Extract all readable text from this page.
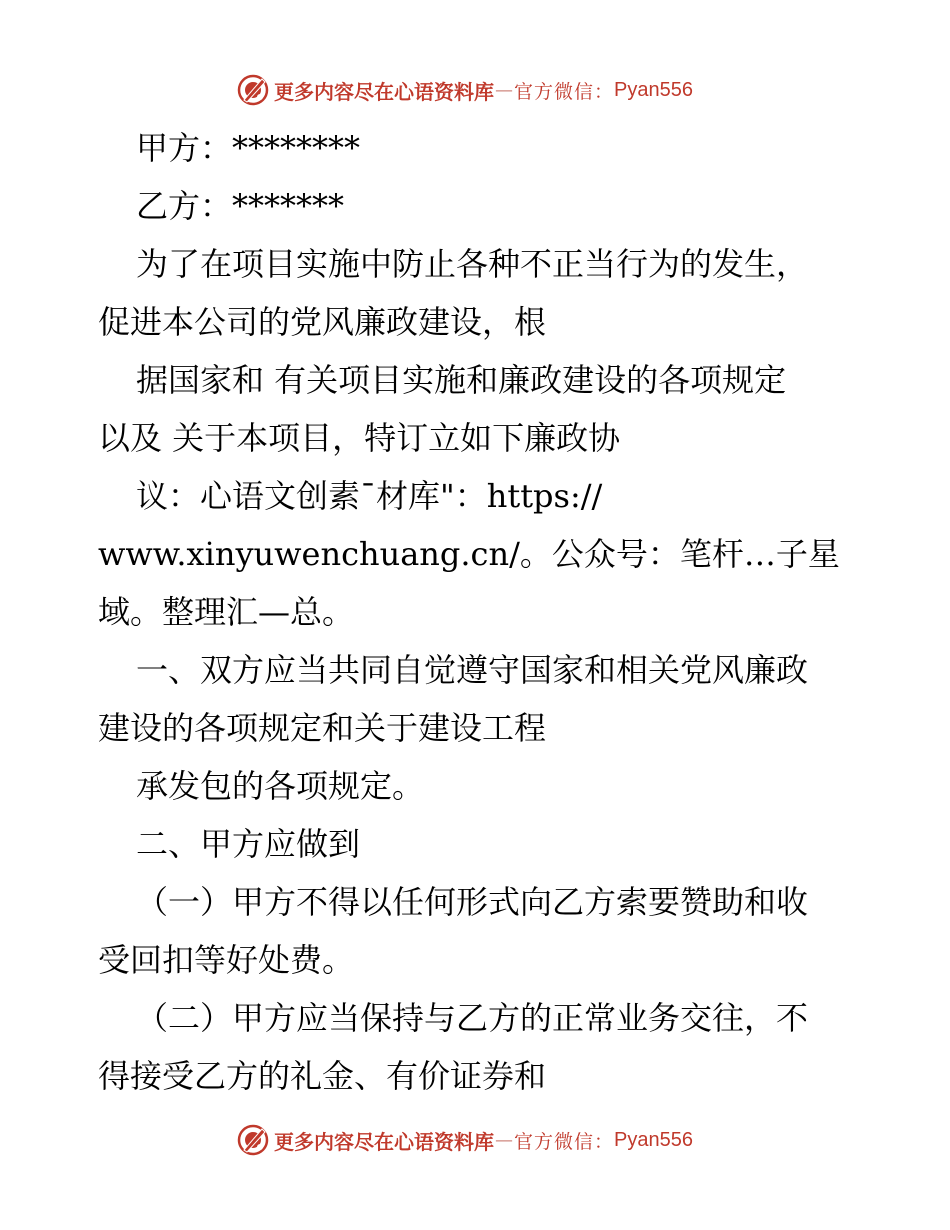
更多内容尽在心语资料库 — 官方微信： Pyan556
甲方：********
乙方：*******
为了在项目实施中防止各种不正当行为的发生，
促进本公司的党风廉政建设，根
据国家和 有关项目实施和廉政建设的各项规定
以及 关于本项目，特订立如下廉政协
议：心语文创素¯材库"：https://
www.xinyuwenchuang.cn/。公众号：笔杆…子星
域。整理汇—总。
一、双方应当共同自觉遵守国家和相关党风廉政
建设的各项规定和关于建设工程
承发包的各项规定。
二、甲方应做到
（一）甲方不得以任何形式向乙方索要赞助和收
受回扣等好处费。
（二）甲方应当保持与乙方的正常业务交往，不
得接受乙方的礼金、有价证券和
更多内容尽在心语资料库 — 官方微信： Pyan556
